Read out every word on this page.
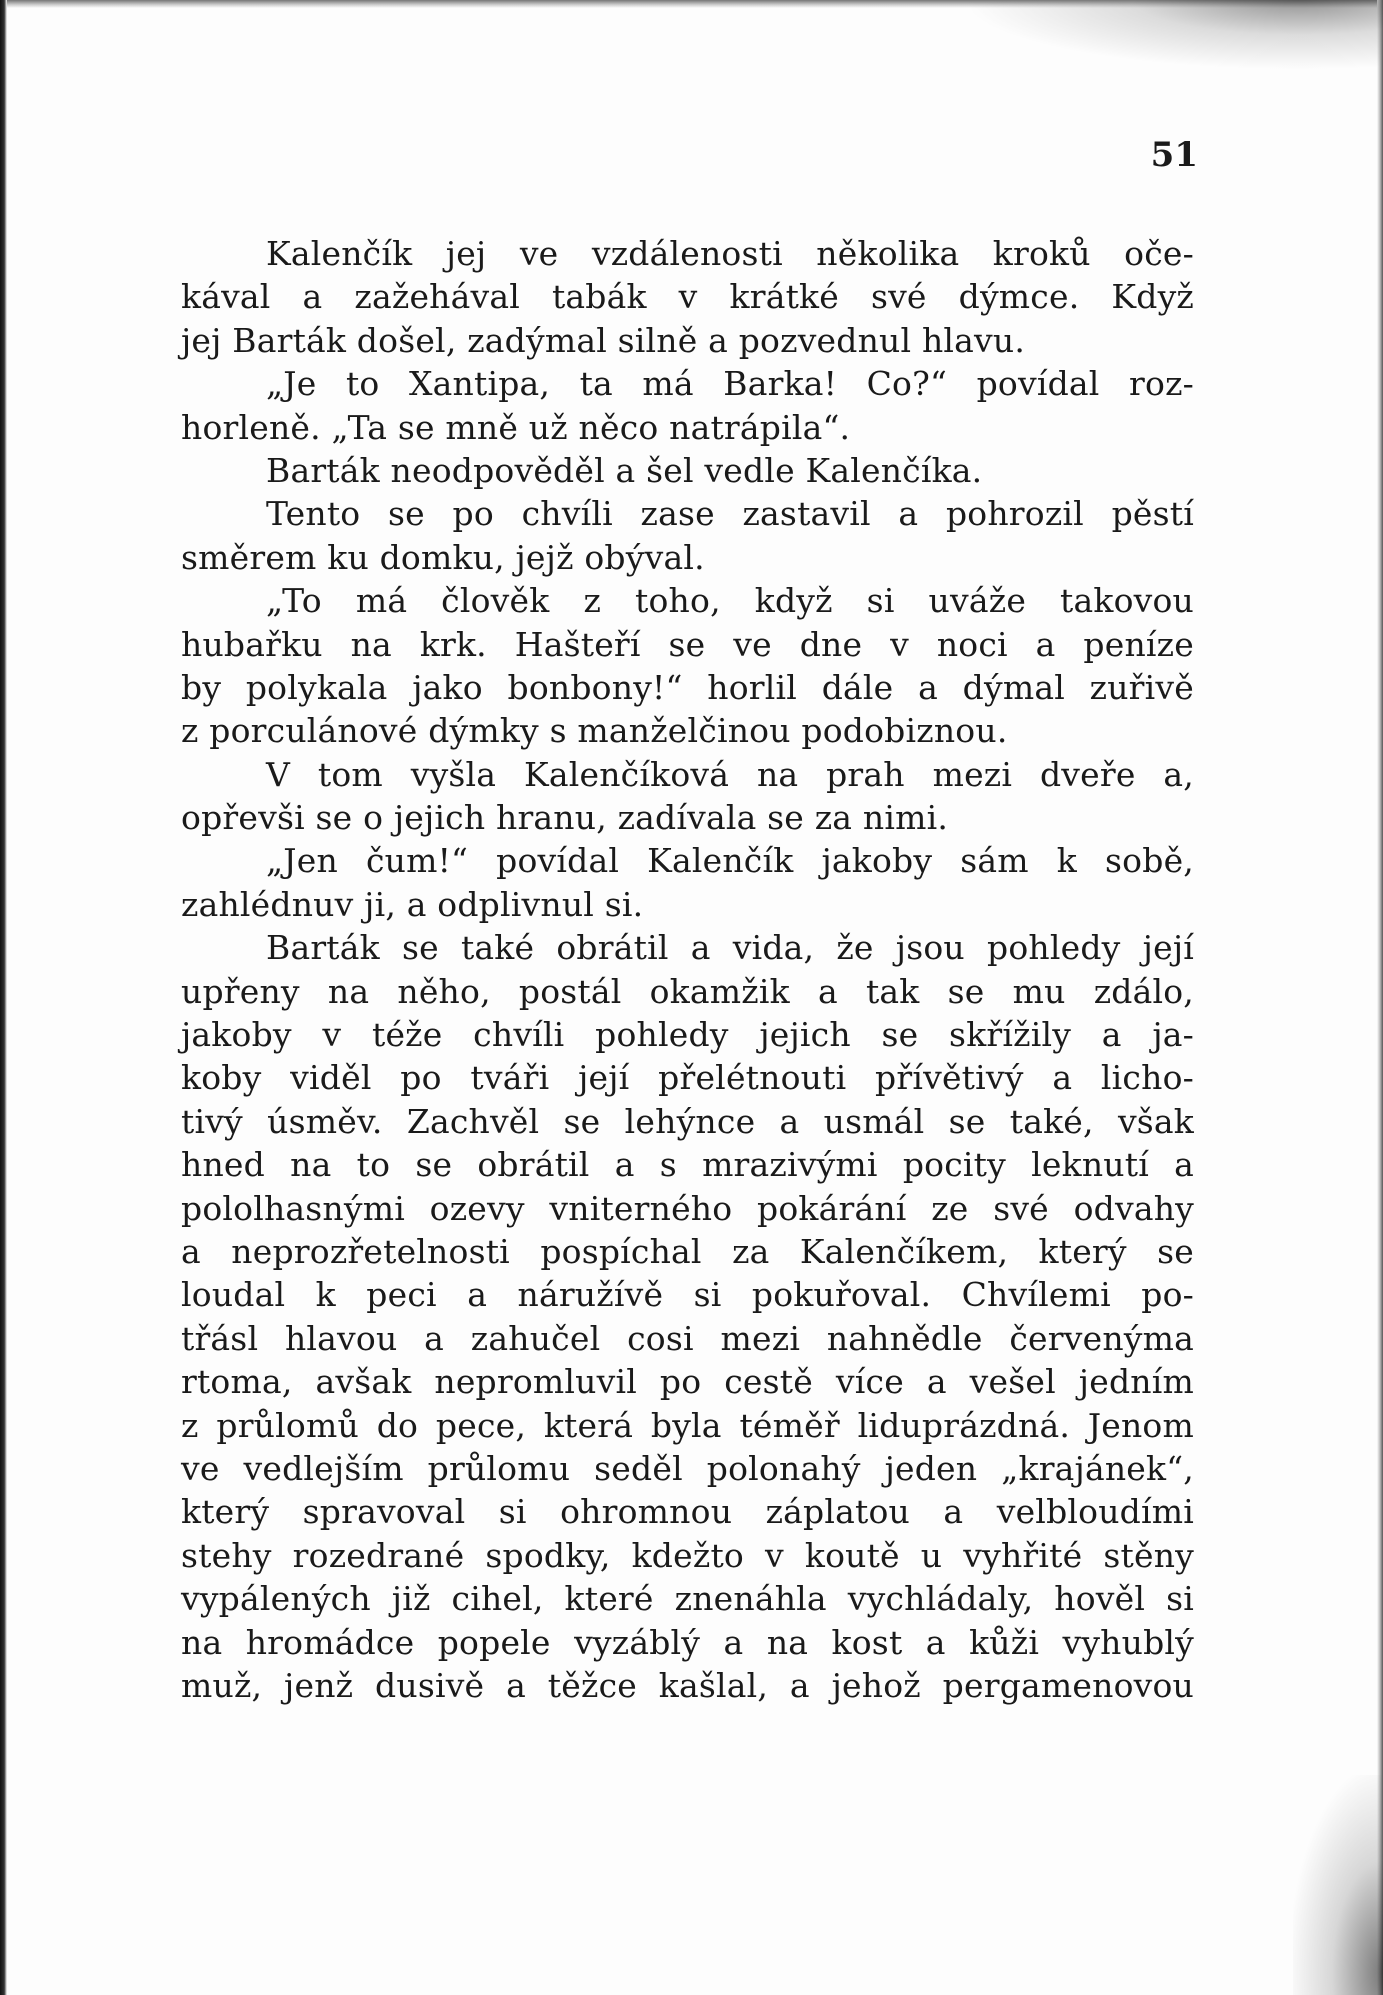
51
Kalenčík jej ve vzdálenosti několika kroků oče-
kával a zažehával tabák v krátké své dýmce. Když
jej Barták došel, zadýmal silně a pozvednul hlavu.
„Je to Xantipa, ta má Barka! Co?“ povídal roz-
horleně. „Ta se mně už něco natrápila“.
Barták neodpověděl a šel vedle Kalenčíka.
Tento se po chvíli zase zastavil a pohrozil pěstí
směrem ku domku, jejž obýval.
„To má člověk z toho, když si uváže takovou
hubařku na krk. Hašteří se ve dne v noci a peníze
by polykala jako bonbony!“ horlil dále a dýmal zuřivě
z porculánové dýmky s manželčinou podobiznou.
V tom vyšla Kalenčíková na prah mezi dveře a,
opřevši se o jejich hranu, zadívala se za nimi.
„Jen čum!“ povídal Kalenčík jakoby sám k sobě,
zahlédnuv ji, a odplivnul si.
Barták se také obrátil a vida, že jsou pohledy její
upřeny na něho, postál okamžik a tak se mu zdálo,
jakoby v téže chvíli pohledy jejich se skřížily a ja-
koby viděl po tváři její přelétnouti přívětivý a licho-
tivý úsměv. Zachvěl se lehýnce a usmál se také, však
hned na to se obrátil a s mrazivými pocity leknutí a
pololhasnými ozevy vniterného pokárání ze své odvahy
a neprozřetelnosti pospíchal za Kalenčíkem, který se
loudal k peci a náružívě si pokuřoval. Chvílemi po-
třásl hlavou a zahučel cosi mezi nahnědle červenýma
rtoma, avšak nepromluvil po cestě více a vešel jedním
z průlomů do pece, která byla téměř liduprázdná. Jenom
ve vedlejším průlomu seděl polonahý jeden „krajánek“,
který spravoval si ohromnou záplatou a velbloudími
stehy rozedrané spodky, kdežto v koutě u vyhřité stěny
vypálených již cihel, které znenáhla vychládaly, hověl si
na hromádce popele vyzáblý a na kost a kůži vyhublý
muž, jenž dusivě a těžce kašlal, a jehož pergamenovou
